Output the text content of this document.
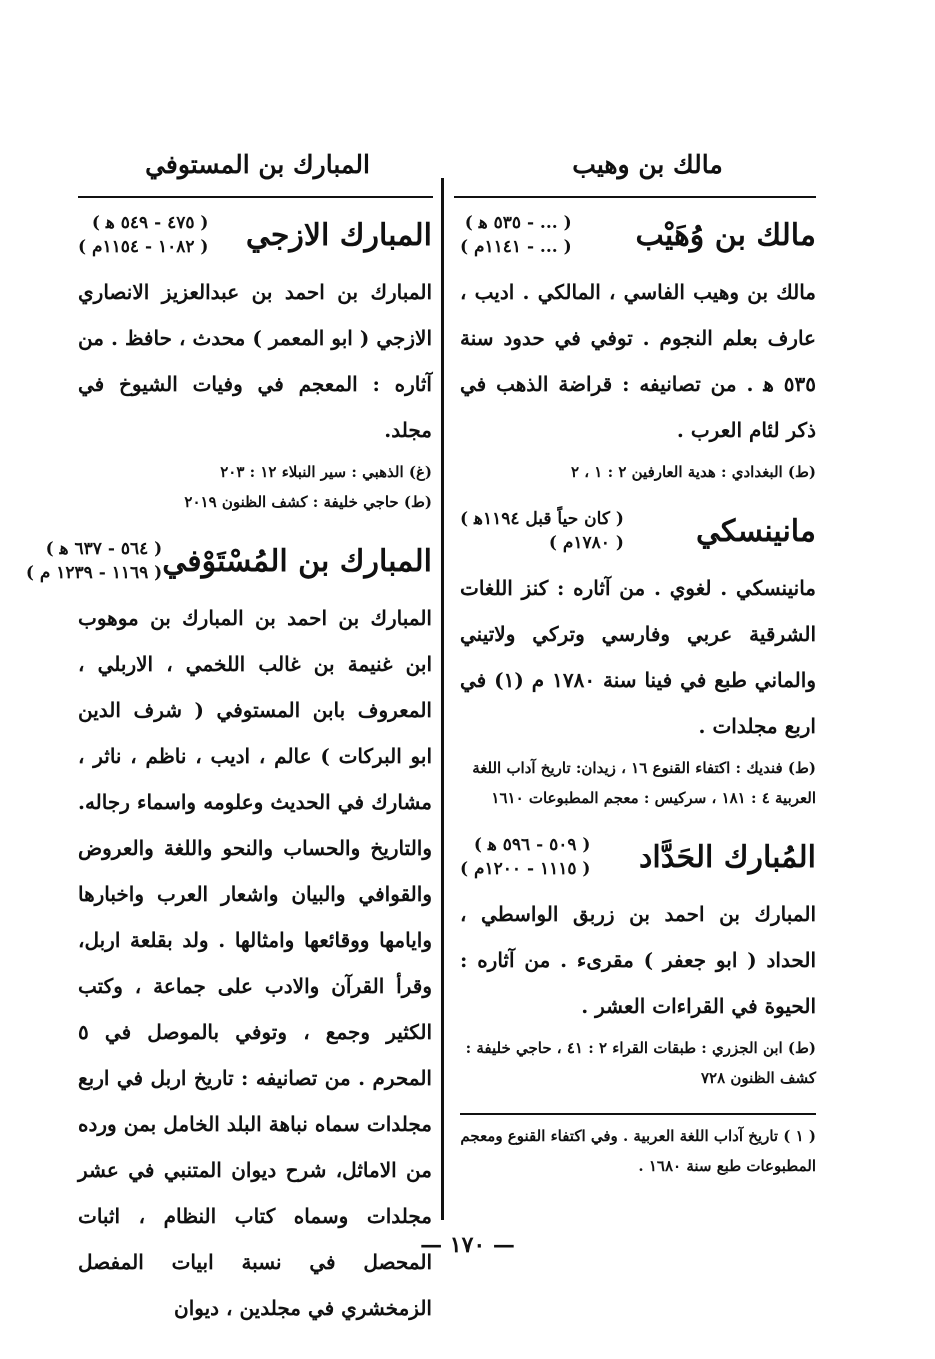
مالك بن وهيب
المبارك بن المستوفي
مالك بن وُهَيْب
( ... - ٥٣٥ ﻫ )
( ... - ١١٤١م )
مالك بن وهيب الفاسي ، المالكي . اديب ، عارف بعلم النجوم . توفي في حدود سنة ٥٣٥ ﻫ . من تصانيفه : قراضة الذهب في ذكر لئام العرب .

(ط) البغدادي : هدية العارفين ٢ : ١ ، ٢

مانينسكي
( كان حياً قبل ١١٩٤ﻫ )
( ١٧٨٠م )
مانينسكي . لغوي . من آثاره : كنز اللغات الشرقية عربي وفارسي وتركي ولاتيني والماني طبع في فينا سنة ١٧٨٠ م (١) في اربع مجلدات .

(ط) فنديك : اكتفاء القنوع ١٦ ، زيدان: تاريخ آداب اللغة العربية ٤ : ١٨١ ، سركيس : معجم المطبوعات ١٦١٠

المُبارك الحَدَّاد
( ٥٠٩ - ٥٩٦ ﻫ )
( ١١١٥ - ١٢٠٠م )
المبارك بن احمد بن زربق الواسطي ، الحداد ( ابو جعفر ) مقرىء . من آثاره : الحيوة في القراءات العشر .

(ط) ابن الجزري : طبقات القراء ٢ : ٤١ ، حاجي خليفة : كشف الظنون ٧٢٨

( ١ ) تاريخ آداب اللغة العربية . وفي اكتفاء القنوع ومعجم المطبوعات طبع سنة ١٦٨٠ .
المبارك الازجي
( ٤٧٥ - ٥٤٩ ﻫ )
( ١٠٨٢ - ١١٥٤م )
المبارك بن احمد بن عبدالعزيز الانصاري الازجي ( ابو المعمر ) محدث ، حافظ . من آثاره : المعجم في وفيات الشيوخ في مجلد.

(غ) الذهبي : سير النبلاء ١٢ : ٢٠٣

(ط) حاجي خليفة : كشف الظنون ٢٠١٩

المبارك بن المُسْتَوْفي
( ٥٦٤ - ٦٣٧ ﻫ )
( ١١٦٩ - ١٢٣٩ م )
المبارك بن احمد بن المبارك بن موهوب ابن غنيمة بن غالب اللخمي ، الاربلي ، المعروف بابن المستوفي ( شرف الدين ابو البركات ) عالم ، اديب ، ناظم ، ناثر ، مشارك في الحديث وعلومه واسماء رجاله. والتاريخ والحساب والنحو واللغة والعروض والقوافي والبيان واشعار العرب واخبارها وايامها ووقائعها وامثالها . ولد بقلعة اربل، وقرأ القرآن والادب على جماعة ، وكتب الكثير وجمع ، وتوفي بالموصل في ٥ المحرم . من تصانيفه : تاريخ اربل في اربع مجلدات سماه نباهة البلد الخامل بمن ورده من الاماثل، شرح ديوان المتنبي في عشر مجلدات وسماه كتاب النظام ، اثبات المحصل في نسبة ابيات المفصل الزمخشري في مجلدين ، ديوان
— ١٧٠ —
